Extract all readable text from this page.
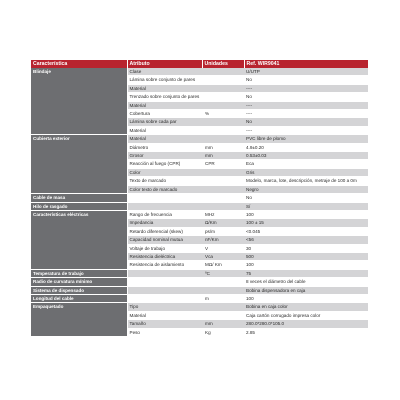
Característica	Atributo	Unidades	Ref. WIR9041
Blindaje	Clase		U/UTP
	Lámina sobre conjunto de pares		No
	Material		----
	Trenzado sobre conjunto de pares		No
	Material		----
	Cobertura	%	----
	Lámina sobre cada par		No
	Material		----
Cubierta exterior	Material		PVC libre de plomo
	Diámetro	mm	4.9±0.20
	Grosor	mm	0.53±0.03
	Reacción al fuego (CPR)	CPR	Eca
	Color		Gris
	Texto de marcado		Modelo, marca, lote, descripción, metraje de 100 a 0m
	Color texto de marcado		Negro
Cable de masa			No
Hilo de rasgado			Sí
Características eléctricas	Rango de frecuencia	MHz	100
	Impedancia	Ω/Km	100 ± 15
	Retardo diferencial (skew)	ps/m	<0.045
	Capacidad nominal mutua	nF/Km	<56
	Voltaje de trabajo	V	30
	Resistencia dieléctrica	Vca	500
	Resistencia de aislamiento	MΩ/ Km	100
Temperatura de trabajo		ºC	75
Radio de curvatura mínimo			8 veces el diámetro del cable
Sistema de dispensado			Bobina dispensadora en caja
Longitud del cable		m	100
Empaquetado	Tipo		Bobina en caja color
	Material		Caja cartón corrugado impresa color
	Tamaño	mm	280.0*280.0*105.0
	Peso	Kg	2.85
